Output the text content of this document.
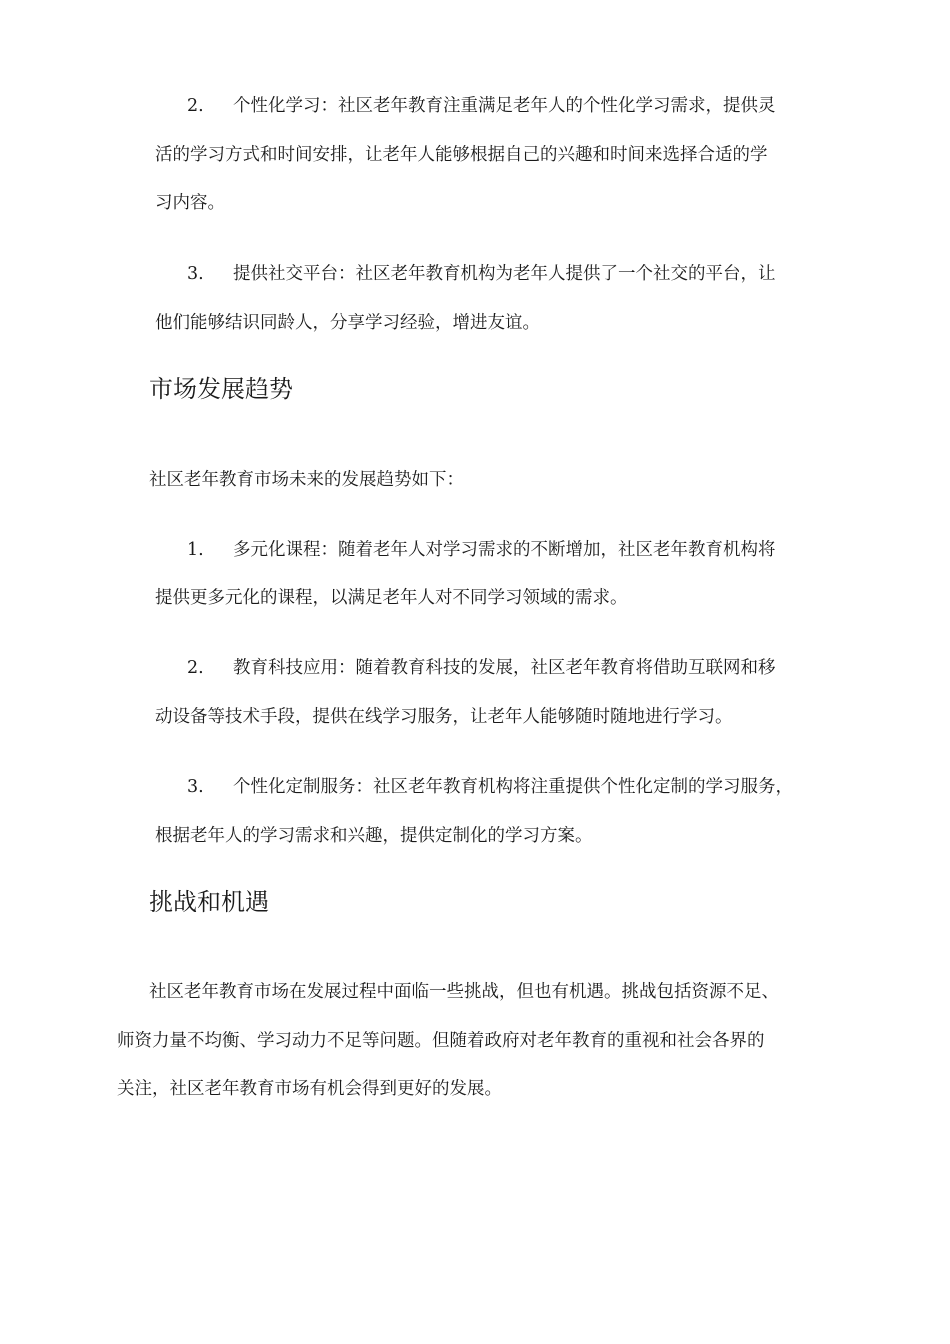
2. 个性化学习：社区老年教育注重满足老年人的个性化学习需求，提供灵
活的学习方式和时间安排，让老年人能够根据自己的兴趣和时间来选择合适的学
习内容。
3. 提供社交平台：社区老年教育机构为老年人提供了一个社交的平台，让
他们能够结识同龄人，分享学习经验，增进友谊。
市场发展趋势
社区老年教育市场未来的发展趋势如下：
1. 多元化课程：随着老年人对学习需求的不断增加，社区老年教育机构将
提供更多元化的课程，以满足老年人对不同学习领域的需求。
2. 教育科技应用：随着教育科技的发展，社区老年教育将借助互联网和移
动设备等技术手段，提供在线学习服务，让老年人能够随时随地进行学习。
3. 个性化定制服务：社区老年教育机构将注重提供个性化定制的学习服务，
根据老年人的学习需求和兴趣，提供定制化的学习方案。
挑战和机遇
社区老年教育市场在发展过程中面临一些挑战，但也有机遇。挑战包括资源不足、
师资力量不均衡、学习动力不足等问题。但随着政府对老年教育的重视和社会各界的
关注，社区老年教育市场有机会得到更好的发展。
